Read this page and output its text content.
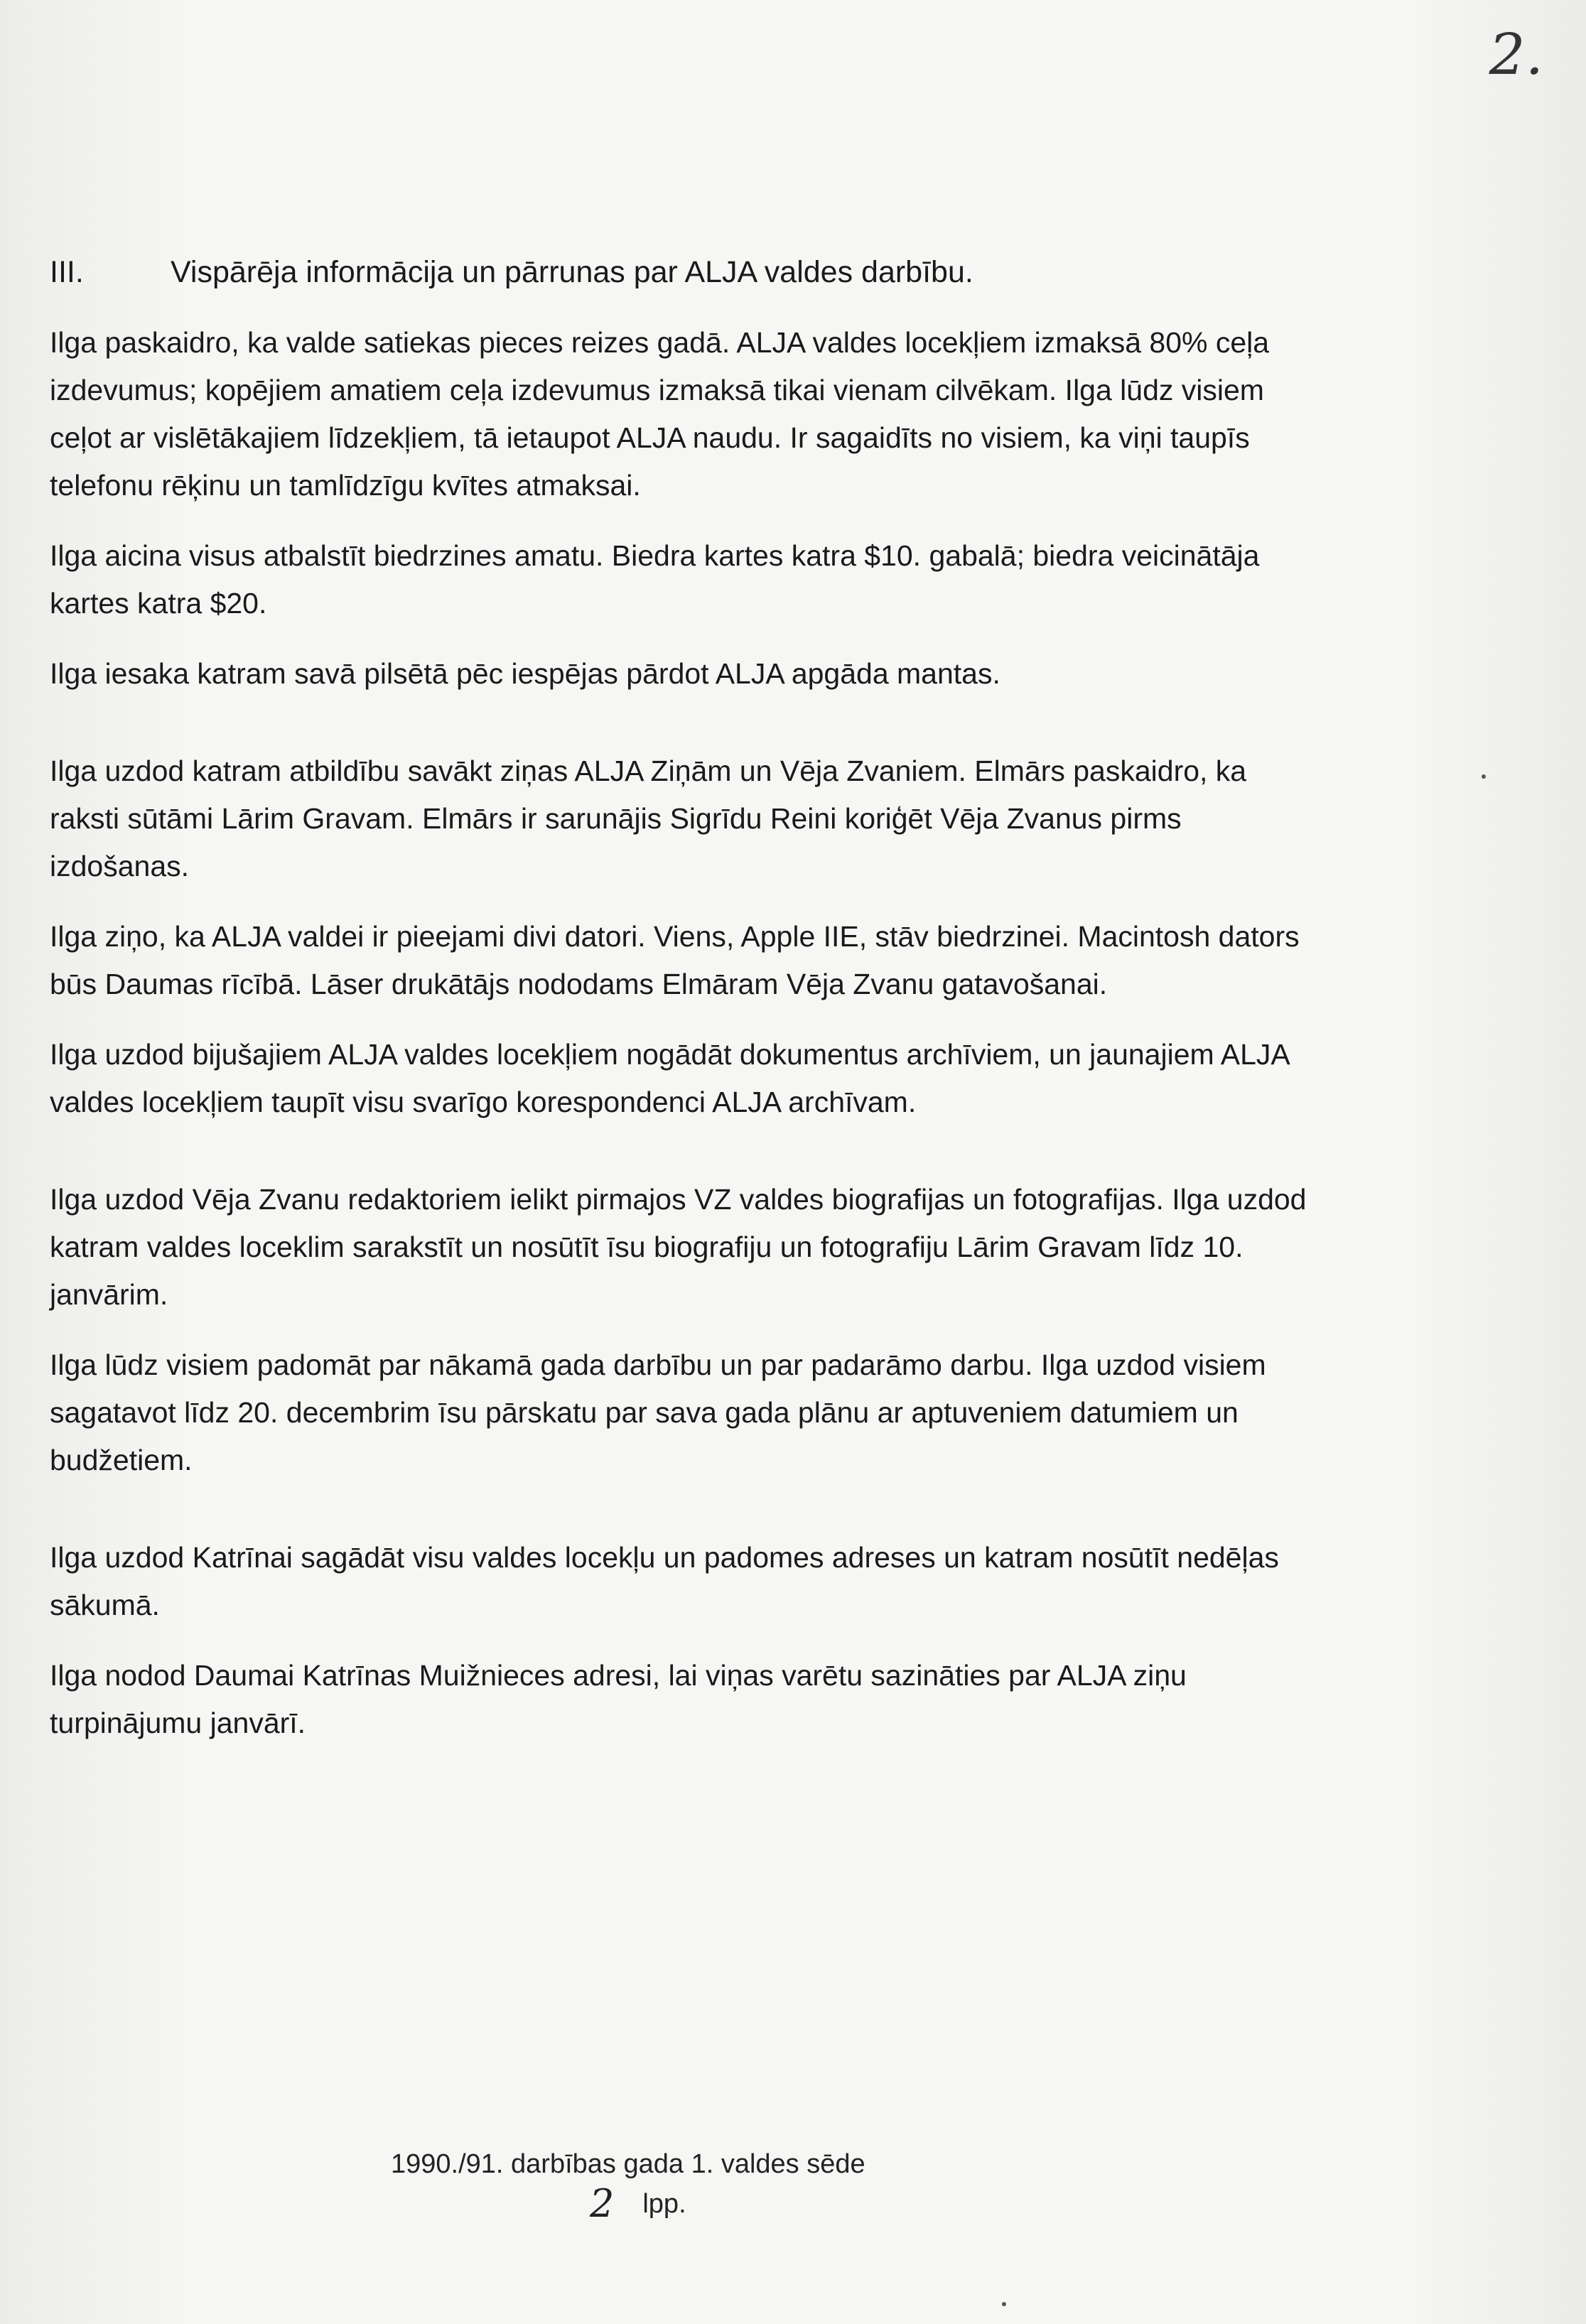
2.
III.	Vispārēja informācija un pārrunas par ALJA valdes darbību.

Ilga paskaidro, ka valde satiekas pieces reizes gadā. ALJA valdes locekļiem izmaksā 80% ceļa izdevumus; kopējiem amatiem ceļa izdevumus izmaksā tikai vienam cilvēkam. Ilga lūdz visiem ceļot ar vislētākajiem līdzekļiem, tā ietaupot ALJA naudu. Ir sagaidīts no visiem, ka viņi taupīs telefonu rēķinu un tamlīdzīgu kvītes atmaksai.

Ilga aicina visus atbalstīt biedrzines amatu. Biedra kartes katra $10. gabalā; biedra veicinātāja kartes katra $20.

Ilga iesaka katram savā pilsētā pēc iespējas pārdot ALJA apgāda mantas.

Ilga uzdod katram atbildību savākt ziņas ALJA Ziņām un Vēja Zvaniem. Elmārs paskaidro, ka raksti sūtāmi Lārim Gravam. Elmārs ir sarunājis Sigrīdu Reini koriģēt Vēja Zvanus pirms izdošanas.

Ilga ziņo, ka ALJA valdei ir pieejami divi datori. Viens, Apple IIE, stāv biedrzinei. Macintosh dators būs Daumas rīcībā. Lāser drukātājs nododams Elmāram Vēja Zvanu gatavošanai.

Ilga uzdod bijušajiem ALJA valdes locekļiem nogādāt dokumentus archīviem, un jaunajiem ALJA valdes locekļiem taupīt visu svarīgo korespondenci ALJA archīvam.

Ilga uzdod Vēja Zvanu redaktoriem ielikt pirmajos VZ valdes biografijas un fotografijas. Ilga uzdod katram valdes loceklim sarakstīt un nosūtīt īsu biografiju un fotografiju Lārim Gravam līdz 10. janvārim.

Ilga lūdz visiem padomāt par nākamā gada darbību un par padarāmo darbu. Ilga uzdod visiem sagatavot līdz 20. decembrim īsu pārskatu par sava gada plānu ar aptuveniem datumiem un budžetiem.

Ilga uzdod Katrīnai sagādāt visu valdes locekļu un padomes adreses un katram nosūtīt nedēļas sākumā.

Ilga nodod Daumai Katrīnas Muižnieces adresi, lai viņas varētu sazināties par ALJA ziņu turpinājumu janvārī.

1990./91. darbības gada 1. valdes sēde
2 lpp.
